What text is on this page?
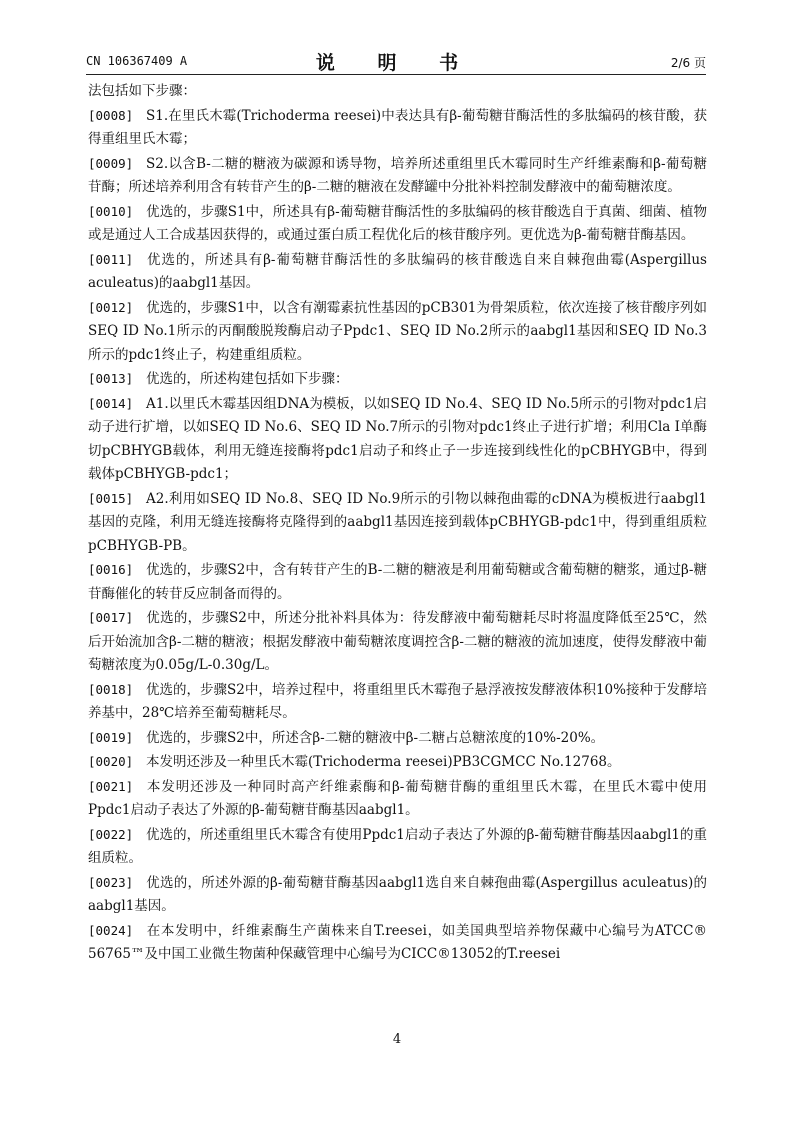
CN 106367409 A	说 明 书	2/6 页

法包括如下步骤：

[0008] S1.在里氏木霉(Trichoderma reesei)中表达具有β-葡萄糖苷酶活性的多肽编码的核苷酸，获得重组里氏木霉；

[0009] S2.以含B-二糖的糖液为碳源和诱导物，培养所述重组里氏木霉同时生产纤维素酶和β-葡萄糖苷酶；所述培养利用含有转苷产生的β-二糖的糖液在发酵罐中分批补料控制发酵液中的葡萄糖浓度。

[0010] 优选的，步骤S1中，所述具有β-葡萄糖苷酶活性的多肽编码的核苷酸选自于真菌、细菌、植物或是通过人工合成基因获得的，或通过蛋白质工程优化后的核苷酸序列。更优选为β-葡萄糖苷酶基因。

[0011] 优选的，所述具有β-葡萄糖苷酶活性的多肽编码的核苷酸选自来自棘孢曲霉(Aspergillus aculeatus)的aabgl1基因。

[0012] 优选的，步骤S1中，以含有潮霉素抗性基因的pCB301为骨架质粒，依次连接了核苷酸序列如SEQ ID No.1所示的丙酮酸脱羧酶启动子Ppdc1、SEQ ID No.2所示的aabgl1基因和SEQ ID No.3所示的pdc1终止子，构建重组质粒。

[0013] 优选的，所述构建包括如下步骤：

[0014] A1.以里氏木霉基因组DNA为模板，以如SEQ ID No.4、SEQ ID No.5所示的引物对pdc1启动子进行扩增，以如SEQ ID No.6、SEQ ID No.7所示的引物对pdc1终止子进行扩增；利用Cla I单酶切pCBHYGB载体，利用无缝连接酶将pdc1启动子和终止子一步连接到线性化的pCBHYGB中，得到载体pCBHYGB-pdc1；

[0015] A2.利用如SEQ ID No.8、SEQ ID No.9所示的引物以棘孢曲霉的cDNA为模板进行aabgl1基因的克隆，利用无缝连接酶将克隆得到的aabgl1基因连接到载体pCBHYGB-pdc1中，得到重组质粒pCBHYGB-PB。

[0016] 优选的，步骤S2中，含有转苷产生的B-二糖的糖液是利用葡萄糖或含葡萄糖的糖浆，通过β-糖苷酶催化的转苷反应制备而得的。

[0017] 优选的，步骤S2中，所述分批补料具体为：待发酵液中葡萄糖耗尽时将温度降低至25℃，然后开始流加含β-二糖的糖液；根据发酵液中葡萄糖浓度调控含β-二糖的糖液的流加速度，使得发酵液中葡萄糖浓度为0.05g/L-0.30g/L。

[0018] 优选的，步骤S2中，培养过程中，将重组里氏木霉孢子悬浮液按发酵液体积10%接种于发酵培养基中，28℃培养至葡萄糖耗尽。

[0019] 优选的，步骤S2中，所述含β-二糖的糖液中β-二糖占总糖浓度的10%-20%。

[0020] 本发明还涉及一种里氏木霉(Trichoderma reesei)PB3CGMCC No.12768。

[0021] 本发明还涉及一种同时高产纤维素酶和β-葡萄糖苷酶的重组里氏木霉，在里氏木霉中使用Ppdc1启动子表达了外源的β-葡萄糖苷酶基因aabgl1。

[0022] 优选的，所述重组里氏木霉含有使用Ppdc1启动子表达了外源的β-葡萄糖苷酶基因aabgl1的重组质粒。

[0023] 优选的，所述外源的β-葡萄糖苷酶基因aabgl1选自来自棘孢曲霉(Aspergillus aculeatus)的aabgl1基因。

[0024] 在本发明中，纤维素酶生产菌株来自T.reesei，如美国典型培养物保藏中心编号为ATCC® 56765™及中国工业微生物菌种保藏管理中心编号为CICC®13052的T.reesei

4
